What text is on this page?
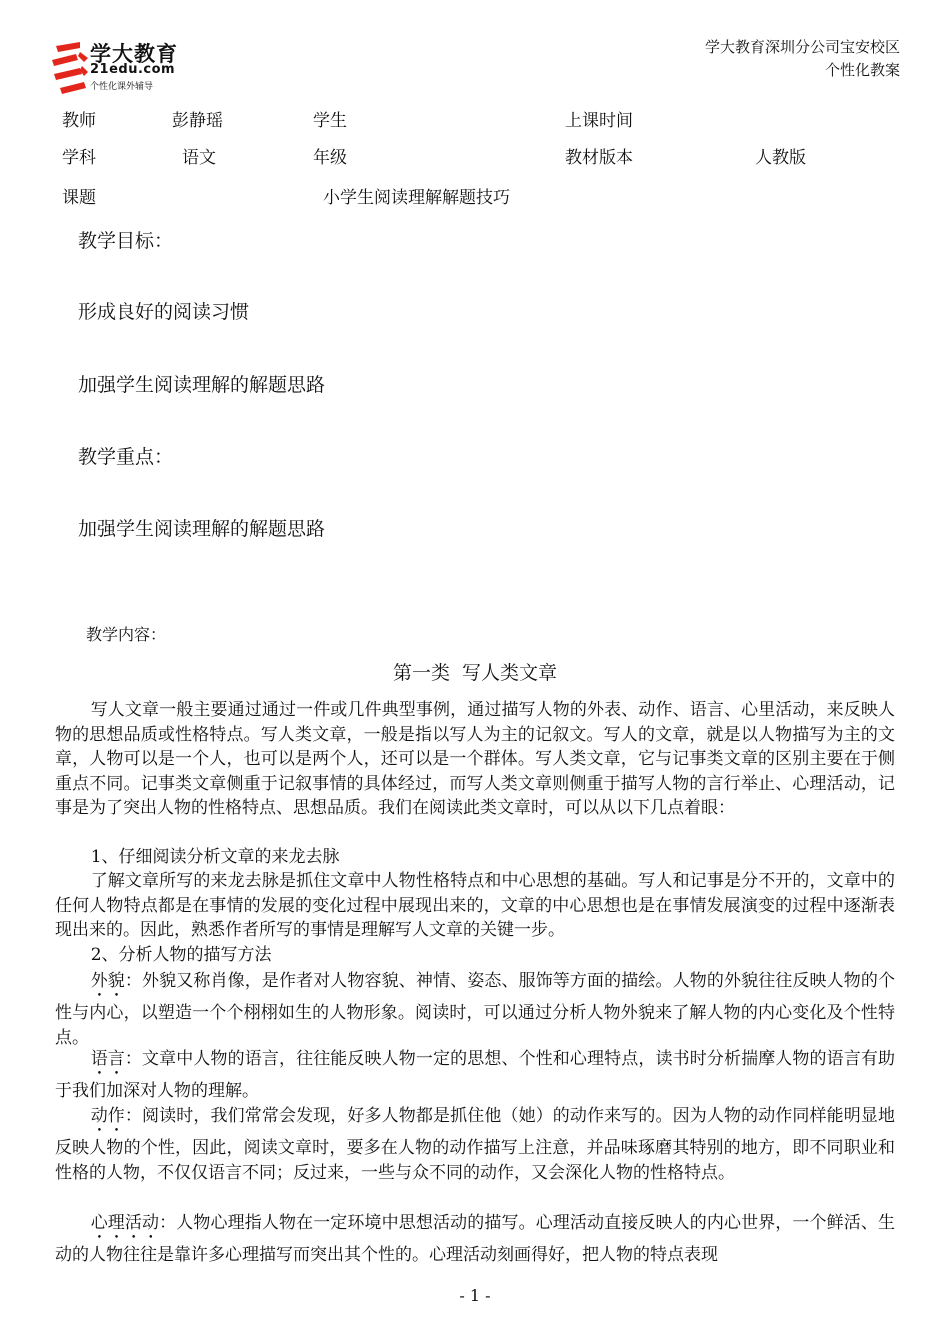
学大教育
21edu.com
个性化课外辅导
学大教育深圳分公司宝安校区
个性化教案
教师	彭静瑶	学生	上课时间
学科	语文	年级	教材版本	人教版
课题	小学生阅读理解解题技巧
教学目标：
形成良好的阅读习惯
加强学生阅读理解的解题思路
教学重点：
加强学生阅读理解的解题思路
教学内容：
第一类  写人类文章

写人文章一般主要通过通过一件或几件典型事例，通过描写人物的外表、动作、语言、心里活动，来反映人物的思想品质或性格特点。写人类文章，一般是指以写人为主的记叙文。写人的文章，就是以人物描写为主的文章，人物可以是一个人，也可以是两个人，还可以是一个群体。写人类文章，它与记事类文章的区别主要在于侧重点不同。记事类文章侧重于记叙事情的具体经过，而写人类文章则侧重于描写人物的言行举止、心理活动，记事是为了突出人物的性格特点、思想品质。我们在阅读此类文章时，可以从以下几点着眼：

1、仔细阅读分析文章的来龙去脉

了解文章所写的来龙去脉是抓住文章中人物性格特点和中心思想的基础。写人和记事是分不开的，文章中的任何人物特点都是在事情的发展的变化过程中展现出来的，文章的中心思想也是在事情发展演变的过程中逐渐表现出来的。因此，熟悉作者所写的事情是理解写人文章的关键一步。

2、分析人物的描写方法

外貌：外貌又称肖像，是作者对人物容貌、神情、姿态、服饰等方面的描绘。人物的外貌往往反映人物的个性与内心，以塑造一个个栩栩如生的人物形象。阅读时，可以通过分析人物外貌来了解人物的内心变化及个性特点。

语言：文章中人物的语言，往往能反映人物一定的思想、个性和心理特点，读书时分析揣摩人物的语言有助于我们加深对人物的理解。

动作：阅读时，我们常常会发现，好多人物都是抓住他（她）的动作来写的。因为人物的动作同样能明显地反映人物的个性，因此，阅读文章时，要多在人物的动作描写上注意，并品味琢磨其特别的地方，即不同职业和性格的人物，不仅仅语言不同；反过来，一些与众不同的动作，又会深化人物的性格特点。

心理活动：人物心理指人物在一定环境中思想活动的描写。心理活动直接反映人的内心世界，一个鲜活、生动的人物往往是靠许多心理描写而突出其个性的。心理活动刻画得好，把人物的特点表现

- 1 -
